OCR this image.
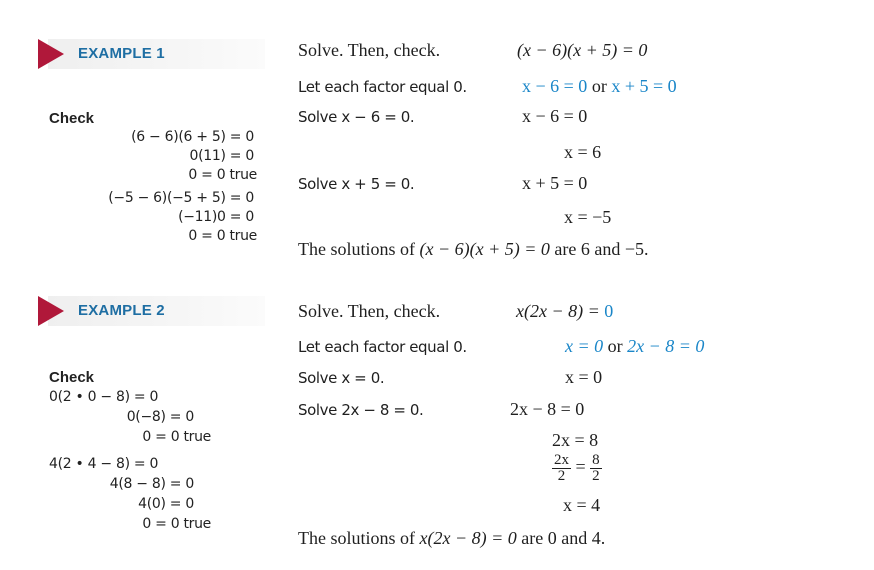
EXAMPLE 1
Check
(6 − 6)(6 + 5) = 0
0(11) = 0
0 = 0 true
(−5 − 6)(−5 + 5) = 0
(−11)0 = 0
0 = 0 true
Solve. Then, check.	(x − 6)(x + 5) = 0
Let each factor equal 0.	x − 6 = 0 or x + 5 = 0
Solve x − 6 = 0.	x − 6 = 0
x = 6
Solve x + 5 = 0.	x + 5 = 0
x = −5
The solutions of (x − 6)(x + 5) = 0 are 6 and −5.
EXAMPLE 2
Check
0(2 • 0 − 8) = 0
0(−8) = 0
0 = 0 true
4(2 • 4 − 8) = 0
4(8 − 8) = 0
4(0) = 0
0 = 0 true
Solve. Then, check.	x(2x − 8) = 0
Let each factor equal 0.	x = 0 or 2x − 8 = 0
Solve x = 0.	x = 0
Solve 2x − 8 = 0.	2x − 8 = 0
2x = 8
$\frac{2x}{2} = \frac{8}{2}$
x = 4
The solutions of x(2x − 8) = 0 are 0 and 4.
